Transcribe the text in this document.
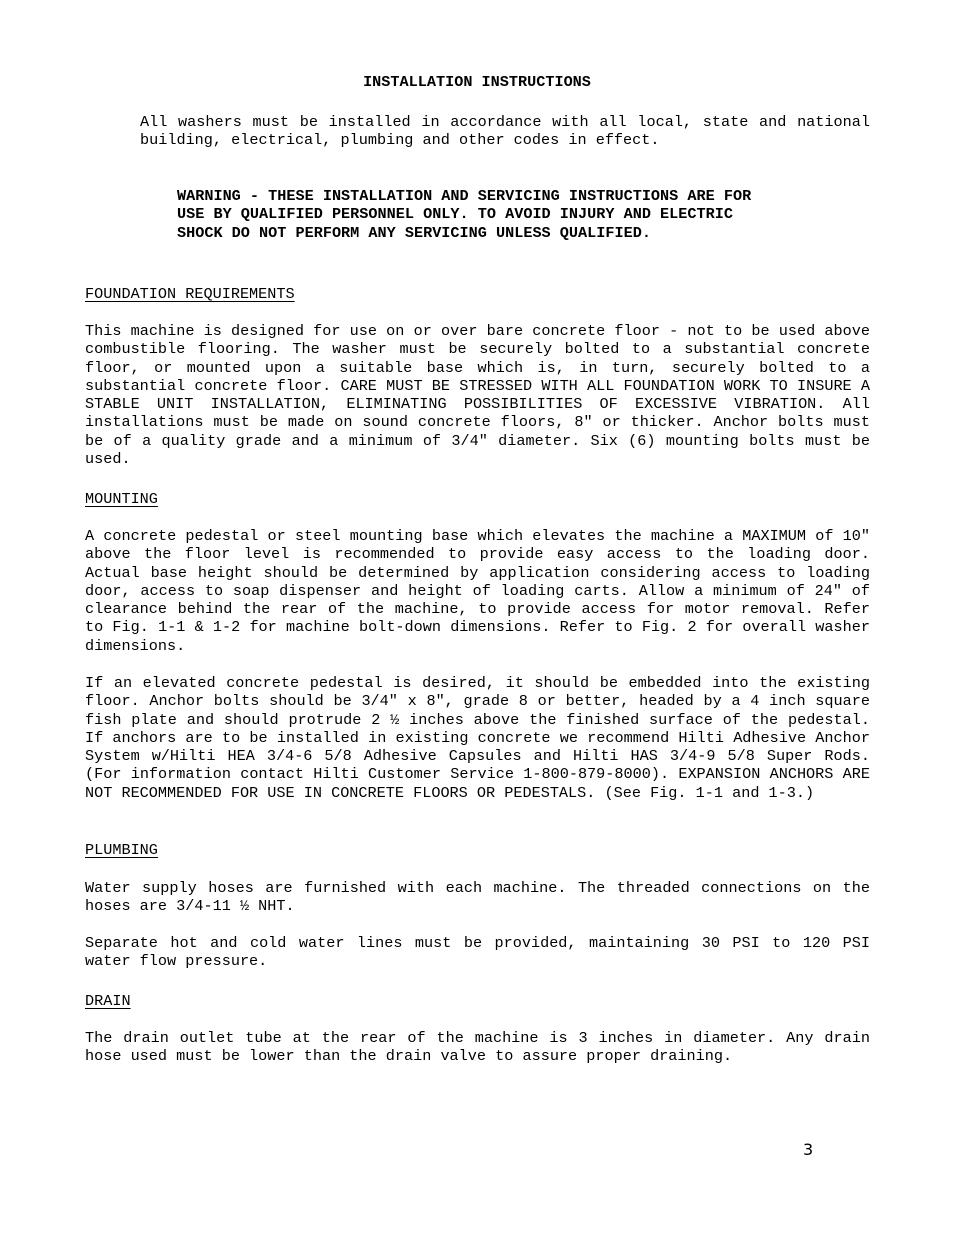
INSTALLATION INSTRUCTIONS

All washers must be installed in accordance with all local, state and national building, electrical, plumbing and other codes in effect.

WARNING - THESE INSTALLATION AND SERVICING INSTRUCTIONS ARE FOR
USE BY QUALIFIED PERSONNEL ONLY. TO AVOID INJURY AND ELECTRIC
SHOCK DO NOT PERFORM ANY SERVICING UNLESS QUALIFIED.

FOUNDATION REQUIREMENTS

This machine is designed for use on or over bare concrete floor - not to be used above combustible flooring. The washer must be securely bolted to a substantial concrete floor, or mounted upon a suitable base which is, in turn, securely bolted to a substantial concrete floor. CARE MUST BE STRESSED WITH ALL FOUNDATION WORK TO INSURE A STABLE UNIT INSTALLATION, ELIMINATING POSSIBILITIES OF EXCESSIVE VIBRATION. All installations must be made on sound concrete floors, 8" or thicker. Anchor bolts must be of a quality grade and a minimum of 3/4" diameter. Six (6) mounting bolts must be used.

MOUNTING

A concrete pedestal or steel mounting base which elevates the machine a MAXIMUM of 10" above the floor level is recommended to provide easy access to the loading door. Actual base height should be determined by application considering access to loading door, access to soap dispenser and height of loading carts. Allow a minimum of 24" of clearance behind the rear of the machine, to provide access for motor removal. Refer to Fig. 1-1 & 1-2 for machine bolt-down dimensions. Refer to Fig. 2 for overall washer dimensions.

If an elevated concrete pedestal is desired, it should be embedded into the existing floor. Anchor bolts should be 3/4" x 8", grade 8 or better, headed by a 4 inch square fish plate and should protrude 2 ½ inches above the finished surface of the pedestal. If anchors are to be installed in existing concrete we recommend Hilti Adhesive Anchor System w/Hilti HEA 3/4-6 5/8 Adhesive Capsules and Hilti HAS 3/4-9 5/8 Super Rods. (For information contact Hilti Customer Service 1-800-879-8000). EXPANSION ANCHORS ARE NOT RECOMMENDED FOR USE IN CONCRETE FLOORS OR PEDESTALS. (See Fig. 1-1 and 1-3.)

PLUMBING

Water supply hoses are furnished with each machine. The threaded connections on the hoses are 3/4-11 ½ NHT.

Separate hot and cold water lines must be provided, maintaining 30 PSI to 120 PSI water flow pressure.

DRAIN

The drain outlet tube at the rear of the machine is 3 inches in diameter. Any drain hose used must be lower than the drain valve to assure proper draining.

3
